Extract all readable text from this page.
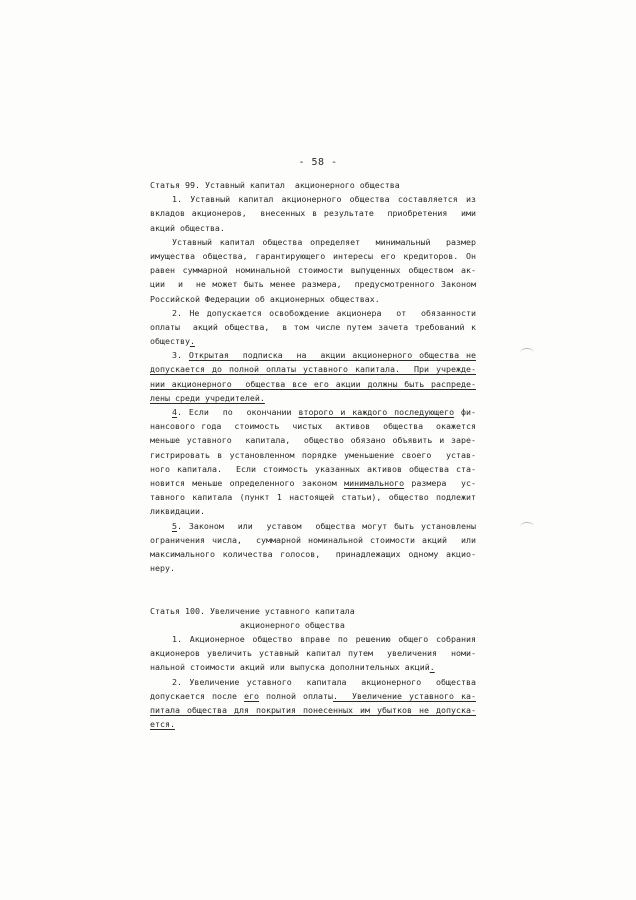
- 58 -
Статья 99. Уставный капитал  акционерного общества
1. Уставный капитал акционерного общества составляется из
вкладов акционеров,  внесенных в результате  приобретения  ими
акций общества.
Уставный капитал общества определяет  минимальный  размер
имущества общества, гарантирующего интересы его кредиторов. Он
равен суммарной номинальной стоимости выпущенных обществом ак-
ции  и  не может быть менее размера,  предусмотренного Законом
Российской Федерации об акционерных обществах.
2. Не допускается освобождение акционера  от  обязанности
оплаты  акций общества,  в том числе путем зачета требований к
обществу.
3. Открытая  подписка  на  акции акционерного общества не
допускается до полной оплаты уставного капитала.  При учрежде-
нии акционерного  общества все его акции должны быть распреде-
лены среди учредителей.
4. Если  по  окончании второго и каждого последующего фи-
нансового года  стоимость  чистых  активов  общества  окажется
меньше уставного  капитала,  общество обязано объявить и заре-
гистрировать в установленном порядке уменьшение своего  устав-
ного капитала.  Если стоимость указанных активов общества ста-
новится меньше определенного законом минимального размера  ус-
тавного капитала (пункт 1 настоящей статьи), общество подлежит
ликвидации.
5. Законом  или  уставом  общества могут быть установлены
ограничения числа,  суммарной номинальной стоимости акций  или
максимального количества голосов,  принадлежащих одному акцио-
неру.
Статья 100. Увеличение уставного капитала
акционерного общества
1. Акционерное общество вправе по решению общего собрания
акционеров увеличить уставный капитал путем  увеличения  номи-
нальной стоимости акций или выпуска дополнительных акций.
2. Увеличение уставного  капитала  акционерного  общества
допускается после его полной оплаты.  Увеличение уставного ка-
питала общества для покрытия понесенных им убытков не допуска-
ется.
